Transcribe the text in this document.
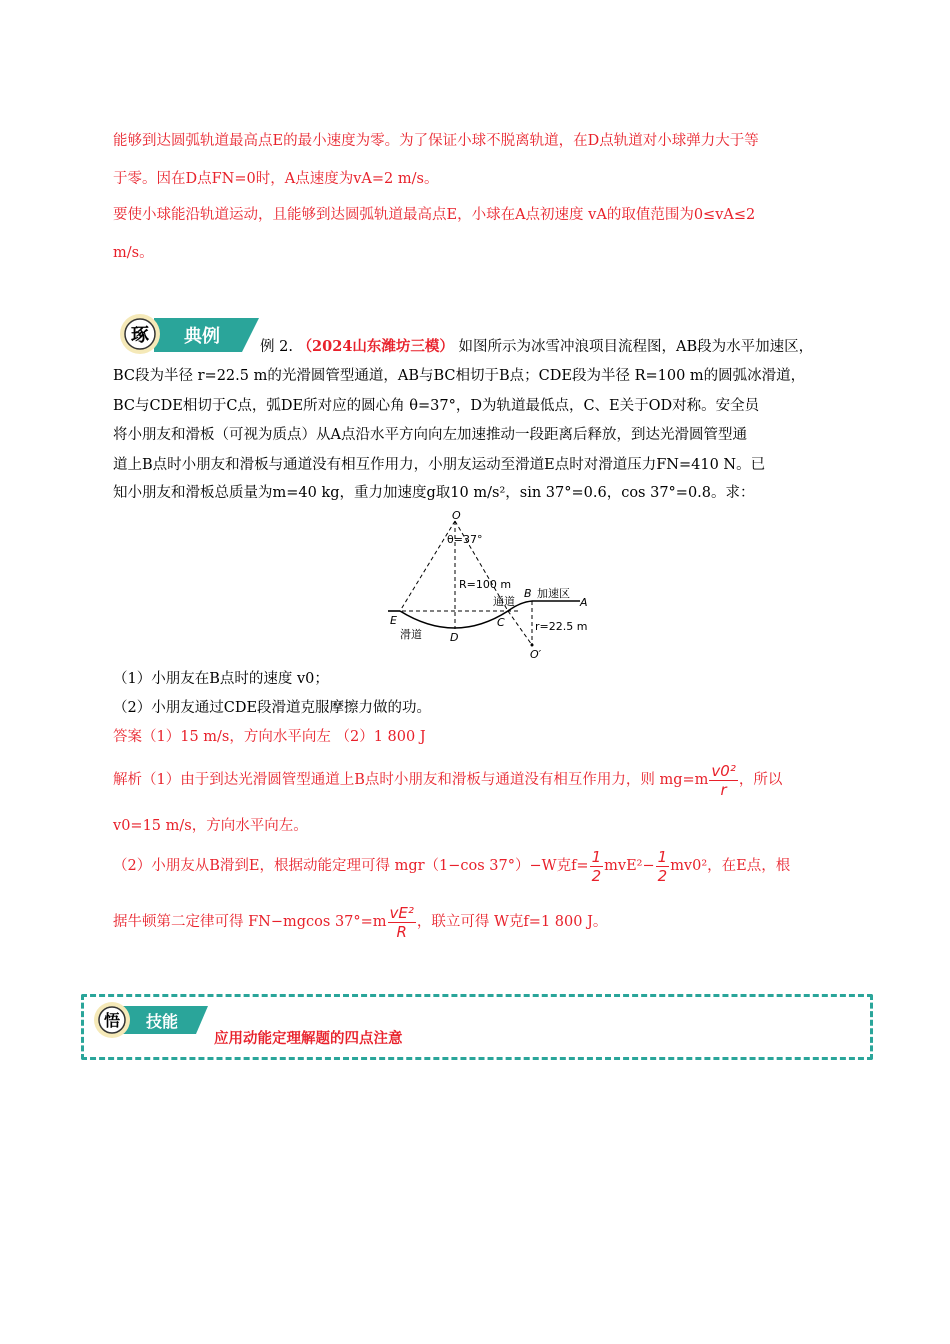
能够到达圆弧轨道最高点E的最小速度为零。为了保证小球不脱离轨道，在D点轨道对小球弹力大于等
于零。因在D点FN=0时，A点速度为vA=2 m/s。
要使小球能沿轨道运动，且能够到达圆弧轨道最高点E，小球在A点初速度 vA的取值范围为0≤vA≤2
m/s。
琢 典例	例 2. （2024山东潍坊三模） 如图所示为冰雪冲浪项目流程图，AB段为水平加速区，
BC段为半径 r=22.5 m的光滑圆管型通道，AB与BC相切于B点；CDE段为半径 R=100 m的圆弧冰滑道，
BC与CDE相切于C点，弧DE所对应的圆心角 θ=37°，D为轨道最低点，C、E关于OD对称。安全员
将小朋友和滑板（可视为质点）从A点沿水平方向向左加速推动一段距离后释放，到达光滑圆管型通
道上B点时小朋友和滑板与通道没有相互作用力，小朋友运动至滑道E点时对滑道压力FN=410 N。已
知小朋友和滑板总质量为m=40 kg，重力加速度g取10 m/s²，sin 37°=0.6，cos 37°=0.8。求：
O
θ=37°
R=100 m
通道
B 加速区
A
E
D
C
滑道
r=22.5 m
O′
（1）小朋友在B点时的速度 v0；
（2）小朋友通过CDE段滑道克服摩擦力做的功。
答案（1）15 m/s，方向水平向左 （2）1 800 J
解析（1）由于到达光滑圆管型通道上B点时小朋友和滑板与通道没有相互作用力，则 $mg=m \frac{\text{v0²}}{r}$ ，所以
v0=15 m/s，方向水平向左。
（2）小朋友从B滑到E，根据动能定理可得 mgr（1−cos 37°）−W克$f= \frac{1}{2} mvE^2- \frac{1}{2} mv0^2$，在E点，根
据牛顿第二定律可得 FN−mgcos $37^\circ=m \frac{\text{vE²}}{R}$ ，联立可得 W克f=1 800 J。
悟 技能
应用动能定理解题的四点注意
